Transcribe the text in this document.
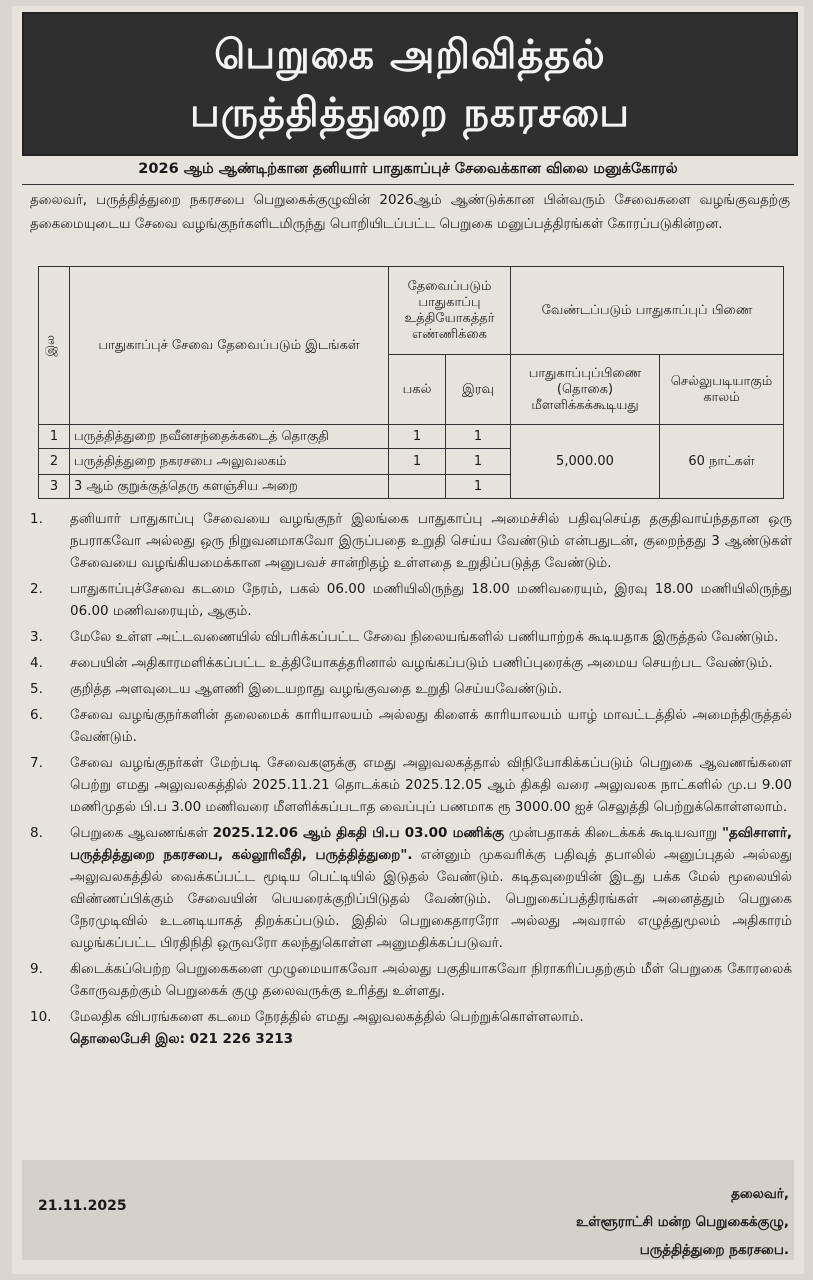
பெறுகை அறிவித்தல்
பருத்தித்துறை நகரசபை
2026 ஆம் ஆண்டிற்கான தனியார் பாதுகாப்புச் சேவைக்கான விலை மனுக்கோரல்
தலைவர், பருத்தித்துறை நகரசபை பெறுகைக்குழுவின் 2026ஆம் ஆண்டுக்கான பின்வரும் சேவைகளை வழங்குவதற்கு தகைமையுடைய சேவை வழங்குநர்களிடமிருந்து பொறியிடப்பட்ட பெறுகை மனுப்பத்திரங்கள் கோரப்படுகின்றன.
இல	பாதுகாப்புச் சேவை தேவைப்படும் இடங்கள்	தேவைப்படும் பாதுகாப்பு உத்தியோகத்தர் எண்ணிக்கை		வேண்டப்படும் பாதுகாப்புப் பிணை	
		பகல்	இரவு	பாதுகாப்புப்பிணை (தொகை) மீளளிக்கக்கூடியது	செல்லுபடியாகும் காலம்
1	பருத்தித்துறை நவீனசந்தைக்கடைத் தொகுதி	1	1	5,000.00	60 நாட்கள்
2	பருத்தித்துறை நகரசபை அலுவலகம்	1	1		
3	3 ஆம் குறுக்குத்தெரு களஞ்சிய அறை		1		
1.	தனியார் பாதுகாப்பு சேவையை வழங்குநர் இலங்கை பாதுகாப்பு அமைச்சில் பதிவுசெய்த தகுதிவாய்ந்ததான ஒரு நபராகவோ அல்லது ஒரு நிறுவனமாகவோ இருப்பதை உறுதி செய்ய வேண்டும் என்பதுடன், குறைந்தது 3 ஆண்டுகள் சேவையை வழங்கியமைக்கான அனுபவச் சான்றிதழ் உள்ளதை உறுதிப்படுத்த வேண்டும்.
2.	பாதுகாப்புச்சேவை கடமை நேரம், பகல் 06.00 மணியிலிருந்து 18.00 மணிவரையும், இரவு 18.00 மணியிலிருந்து 06.00 மணிவரையும், ஆகும்.
3.	மேலே உள்ள அட்டவணையில் விபரிக்கப்பட்ட சேவை நிலையங்களில் பணியாற்றக் கூடியதாக இருத்தல் வேண்டும்.
4.	சபையின் அதிகாரமளிக்கப்பட்ட உத்தியோகத்தரினால் வழங்கப்படும் பணிப்புரைக்கு அமைய செயற்பட வேண்டும்.
5.	குறித்த அளவுடைய ஆளணி இடையறாது வழங்குவதை உறுதி செய்யவேண்டும்.
6.	சேவை வழங்குநர்களின் தலைமைக் காரியாலயம் அல்லது கிளைக் காரியாலயம் யாழ் மாவட்டத்தில் அமைந்திருத்தல் வேண்டும்.
7.	சேவை வழங்குநர்கள் மேற்படி சேவைகளுக்கு எமது அலுவலகத்தால் விநியோகிக்கப்படும் பெறுகை ஆவணங்களை பெற்று எமது அலுவலகத்தில் 2025.11.21 தொடக்கம் 2025.12.05 ஆம் திகதி வரை அலுவலக நாட்களில் மு.ப 9.00 மணிமுதல் பி.ப 3.00 மணிவரை மீளளிக்கப்படாத வைப்புப் பணமாக ரூ 3000.00 ஐச் செலுத்தி பெற்றுக்கொள்ளலாம்.
8.	பெறுகை ஆவணங்கள் 2025.12.06 ஆம் திகதி பி.ப 03.00 மணிக்கு முன்பதாகக் கிடைக்கக் கூடியவாறு "தவிசாளர், பருத்தித்துறை நகரசபை, கல்லூரிவீதி, பருத்தித்துறை". என்னும் முகவரிக்கு பதிவுத் தபாலில் அனுப்புதல் அல்லது அலுவலகத்தில் வைக்கப்பட்ட மூடிய பெட்டியில் இடுதல் வேண்டும். கடிதவுறையின் இடது பக்க மேல் மூலையில் விண்ணப்பிக்கும் சேவையின் பெயரைக்குறிப்பிடுதல் வேண்டும். பெறுகைப்பத்திரங்கள் அனைத்தும் பெறுகை நேரமுடிவில் உடனடியாகத் திறக்கப்படும். இதில் பெறுகைதாரரோ அல்லது அவரால் எழுத்துமூலம் அதிகாரம் வழங்கப்பட்ட பிரதிநிதி ஒருவரோ கலந்துகொள்ள அனுமதிக்கப்படுவர்.
9.	கிடைக்கப்பெற்ற பெறுகைகளை முழுமையாகவோ அல்லது பகுதியாகவோ நிராகரிப்பதற்கும் மீள் பெறுகை கோரலைக் கோருவதற்கும் பெறுகைக் குழு தலைவருக்கு உரித்து உள்ளது.
10.	மேலதிக விபரங்களை கடமை நேரத்தில் எமது அலுவலகத்தில் பெற்றுக்கொள்ளலாம்.
தொலைபேசி இல: 021 226 3213
21.11.2025
தலைவர்,
உள்ளூராட்சி மன்ற பெறுகைக்குழு,
பருத்தித்துறை நகரசபை.
